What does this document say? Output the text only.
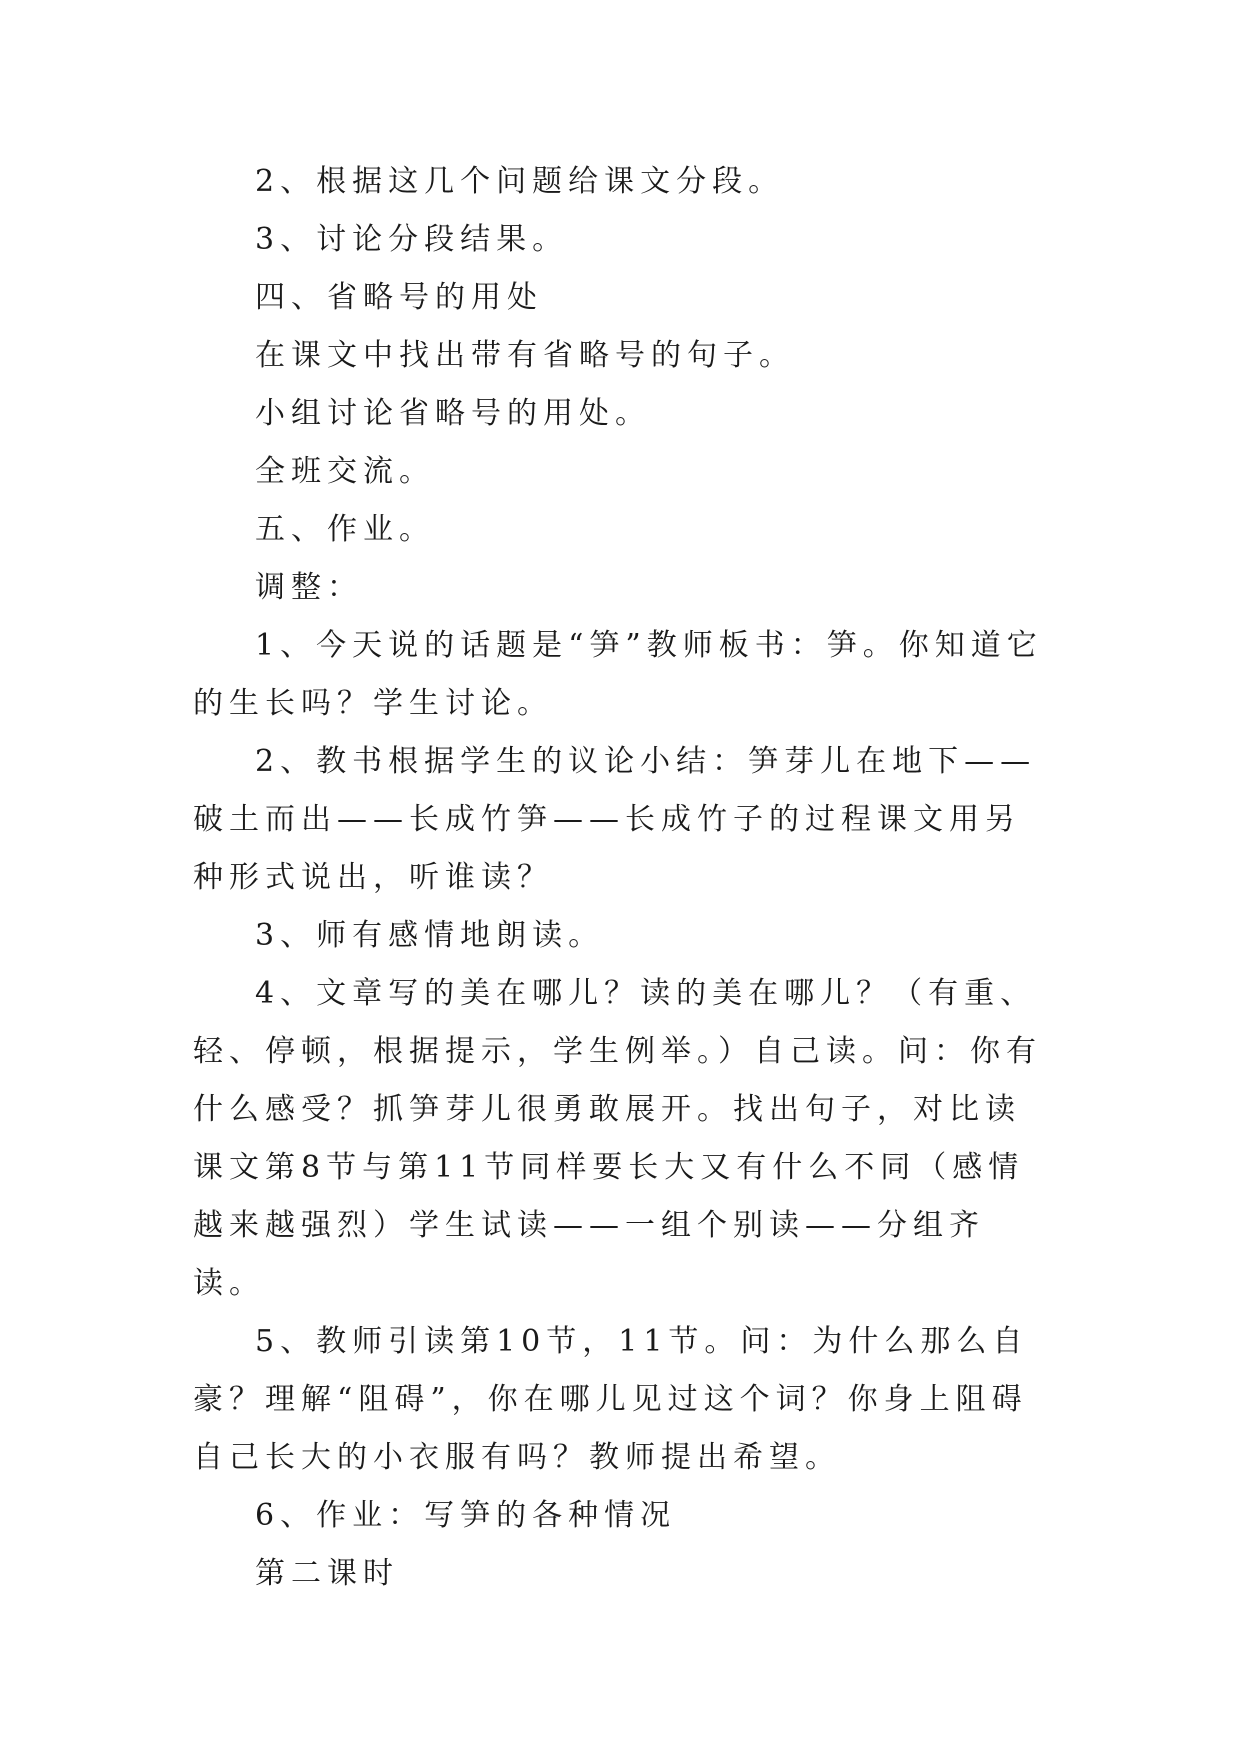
2、根据这几个问题给课文分段。

3、讨论分段结果。

四、省略号的用处

在课文中找出带有省略号的句子。

小组讨论省略号的用处。

全班交流。

五、作业。

调整：

1、今天说的话题是“笋”教师板书：笋。你知道它的生长吗？学生讨论。

2、教书根据学生的议论小结：笋芽儿在地下——破土而出——长成竹笋——长成竹子的过程课文用另种形式说出，听谁读？

3、师有感情地朗读。

4、文章写的美在哪儿？读的美在哪儿？（有重、轻、停顿，根据提示，学生例举。）自己读。问：你有什么感受？抓笋芽儿很勇敢展开。找出句子，对比读课文第8节与第11节同样要长大又有什么不同（感情越来越强烈）学生试读——一组个别读——分组齐读。

5、教师引读第10节，11节。问：为什么那么自豪？理解“阻碍”，你在哪儿见过这个词？你身上阻碍自己长大的小衣服有吗？教师提出希望。

6、作业：写笋的各种情况

第二课时
